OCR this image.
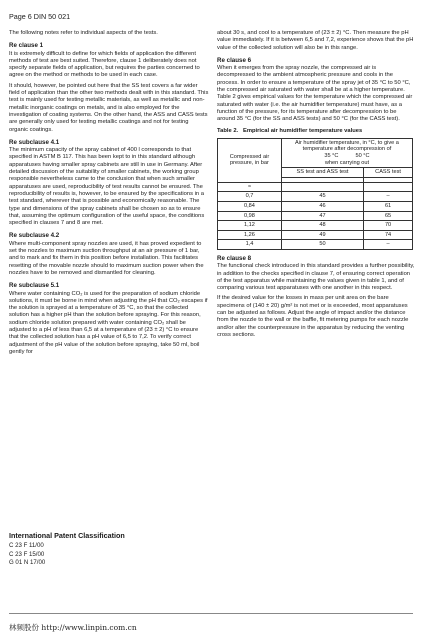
Page 6 DIN 50 021

The following notes refer to individual aspects of the tests.

Re clause 1

It is extremely difficult to define for which fields of application the different methods of test are best suited. Therefore, clause 1 deliberately does not specify separate fields of application, but requires the parties concerned to agree on the method or methods to be used in each case.

It should, however, be pointed out here that the SS test covers a far wider field of application than the other two methods dealt with in this standard. This test is mainly used for testing metallic materials, as well as metallic and non-metallic inorganic coatings on metals, and is also employed for the investigation of coating systems. On the other hand, the ASS and CASS tests are generally only used for testing metallic coatings and not for testing organic coatings.

Re subclause 4.1

The minimum capacity of the spray cabinet of 400 l corresponds to that specified in ASTM B 117. This has been kept to in this standard although apparatuses having smaller spray cabinets are still in use in Germany. After detailed discussion of the suitability of smaller cabinets, the working group responsible nevertheless came to the conclusion that when such smaller apparatuses are used, reproducibility of test results cannot be ensured. The reproducibility of results is, however, to be ensured by the specifications in a test standard, wherever that is possible and economically reasonable. The type and dimensions of the spray cabinets shall be chosen so as to ensure that, assuming the optimum configuration of the useful space, the conditions specified in clauses 7 and 8 are met.

Re subclause 4.2

Where multi-component spray nozzles are used, it has proved expedient to set the nozzles to maximum suction throughput at an air pressure of 1 bar, and to mark and fix them in this position before installation. This facilitates resetting of the movable nozzle should to maximum suction power when the nozzles have to be removed and dismantled for cleaning.

Re subclause 5.1

Where water containing CO₂ is used for the preparation of sodium chloride solutions, it must be borne in mind when adjusting the pH that CO₂ escapes if the solution is sprayed at a temperature of 35 °C, so that the collected solution has a higher pH than the solution before spraying. For this reason, sodium chloride solution prepared with water containing CO₂ shall be adjusted to a pH of less than 6,5 at a temperature of (23 ± 2) °C to ensure that the collected solution has a pH value of 6,5 to 7,2. To verify correct adjustment of the pH value of the solution before spraying, take 50 ml, boil gently for

about 30 s, and cool to a temperature of (23 ± 2) °C. Then measure the pH value immediately. If it is between 6,5 and 7,2, experience shows that the pH value of the collected solution will also be in this range.

Re clause 6

When it emerges from the spray nozzle, the compressed air is decompressed to the ambient atmospheric pressure and cools in the process. In order to ensure a temperature of the spray jet of 35 °C to 50 °C, the compressed air saturated with water shall be at a higher temperature. Table 2 gives empirical values for the temperature which the compressed air saturated with water (i.e. the air humidifier temperature) must have, as a function of the pressure, for its temperature after decompression to be around 35 °C (for the SS and ASS tests) and 50 °C (for the CASS test).

Table 2. Empirical air humidifier temperature values
Compressed air pressure, in bar	Air humidifier temperature, in °C, to give a temperature after decompression of
35 °C 50 °C
when carrying out	
	SS test and ASS test	CASS test

≈		
0,7	45	–
0,84	46	61
0,98	47	65
1,12	48	70
1,26	49	74
1,4	50	–
Re clause 8

The functional check introduced in this standard provides a further possibility, in addition to the checks specified in clause 7, of ensuring correct operation of the test apparatus while maintaining the values given in table 1, and of comparing various test apparatuses with one another in this respect.

If the desired value for the losses in mass per unit area on the bare specimens of (140 ± 20) g/m² is not met or is exceeded, most apparatuses can be adjusted as follows. Adjust the angle of impact and/or the distance from the nozzle to the wall or the baffle, fit metering pumps for each nozzle and/or alter the counterpressure in the apparatus by reducing the venting cross sections.

International Patent Classification
C 23 F 11/00
C 23 F 15/00
G 01 N 17/00
林频股份 http://www.linpin.com.cn
